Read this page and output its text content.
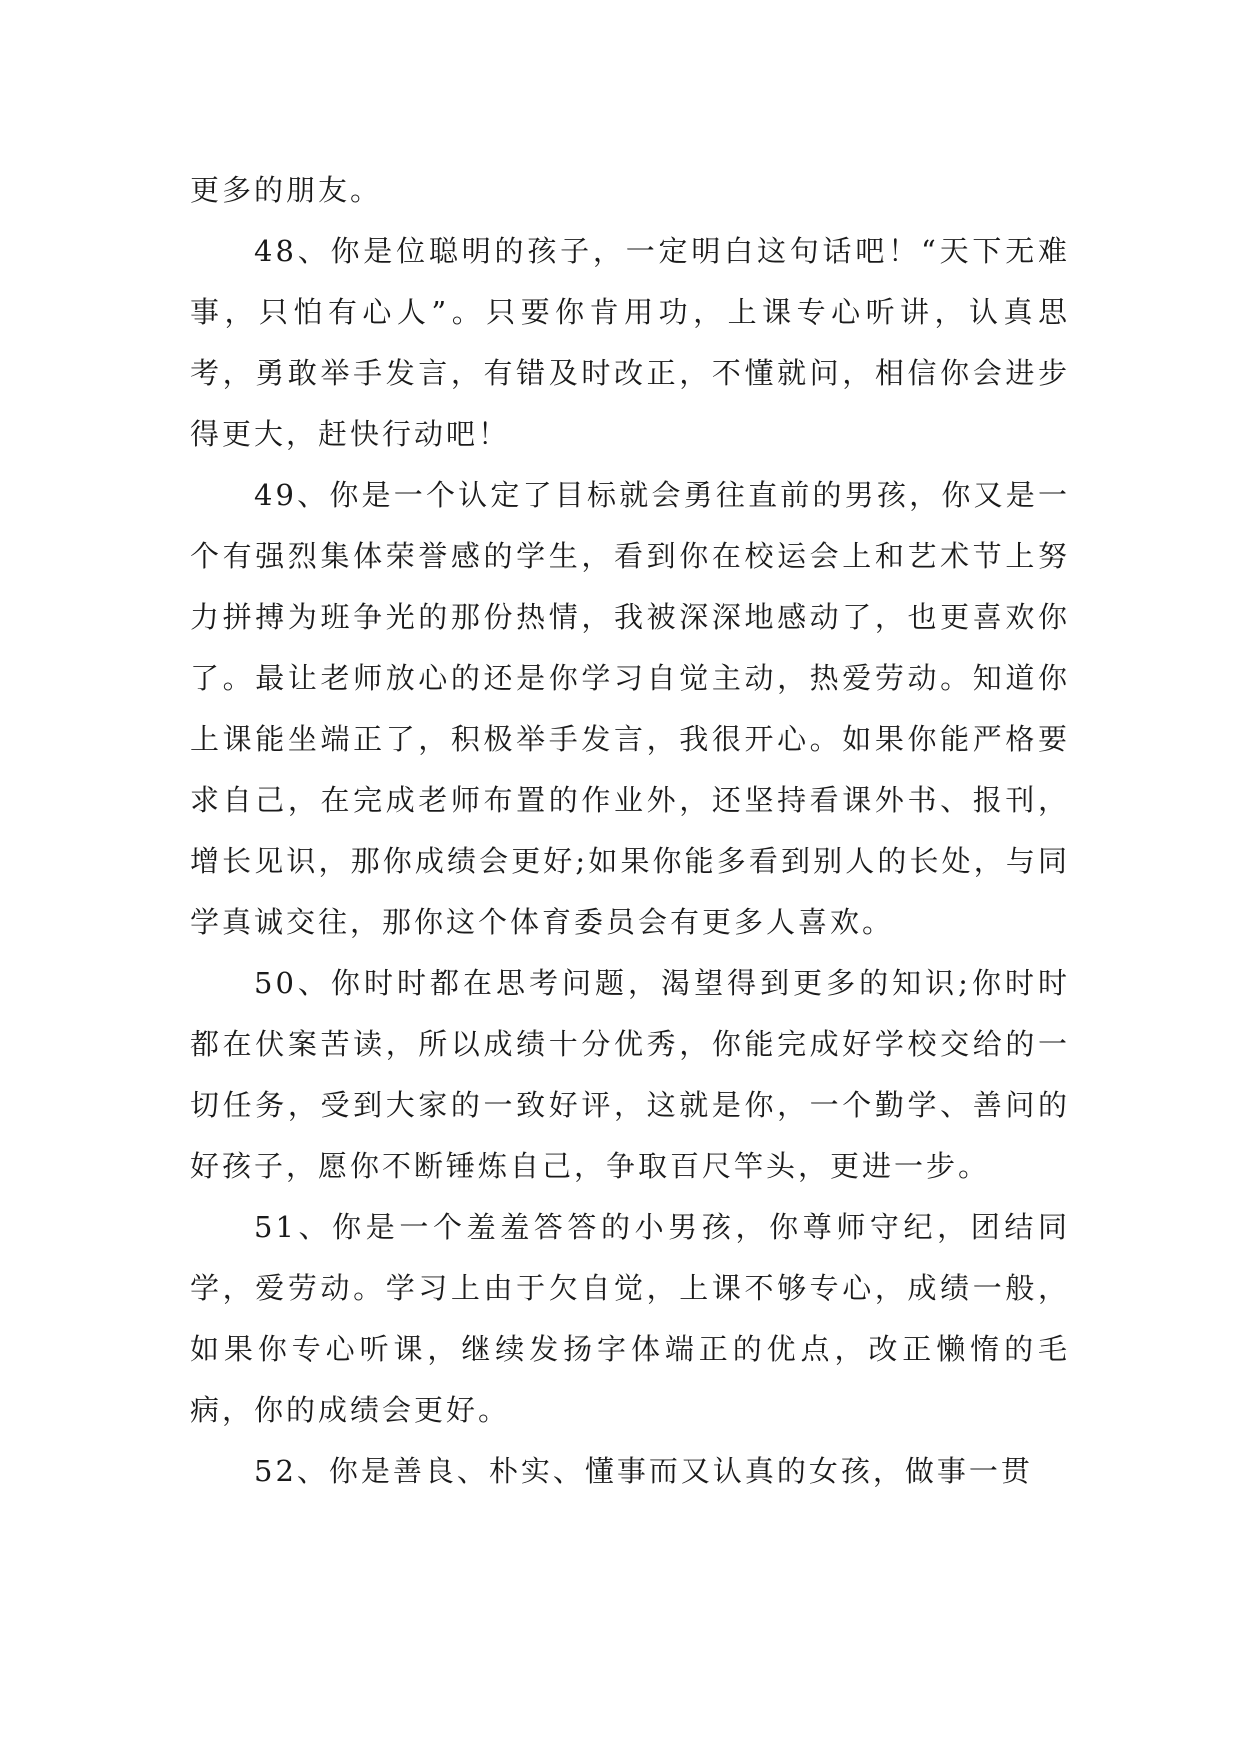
更多的朋友。

48、你是位聪明的孩子，一定明白这句话吧！“天下无难事，只怕有心人”。只要你肯用功，上课专心听讲，认真思考，勇敢举手发言，有错及时改正，不懂就问，相信你会进步得更大，赶快行动吧！

49、你是一个认定了目标就会勇往直前的男孩，你又是一个有强烈集体荣誉感的学生，看到你在校运会上和艺术节上努力拼搏为班争光的那份热情，我被深深地感动了，也更喜欢你了。最让老师放心的还是你学习自觉主动，热爱劳动。知道你上课能坐端正了，积极举手发言，我很开心。如果你能严格要求自己，在完成老师布置的作业外，还坚持看课外书、报刊，增长见识，那你成绩会更好;如果你能多看到别人的长处，与同学真诚交往，那你这个体育委员会有更多人喜欢。

50、你时时都在思考问题，渴望得到更多的知识;你时时都在伏案苦读，所以成绩十分优秀，你能完成好学校交给的一切任务，受到大家的一致好评，这就是你，一个勤学、善问的好孩子，愿你不断锤炼自己，争取百尺竿头，更进一步。

51、你是一个羞羞答答的小男孩，你尊师守纪，团结同学，爱劳动。学习上由于欠自觉，上课不够专心，成绩一般，如果你专心听课，继续发扬字体端正的优点，改正懒惰的毛病，你的成绩会更好。

52、你是善良、朴实、懂事而又认真的女孩，做事一贯
